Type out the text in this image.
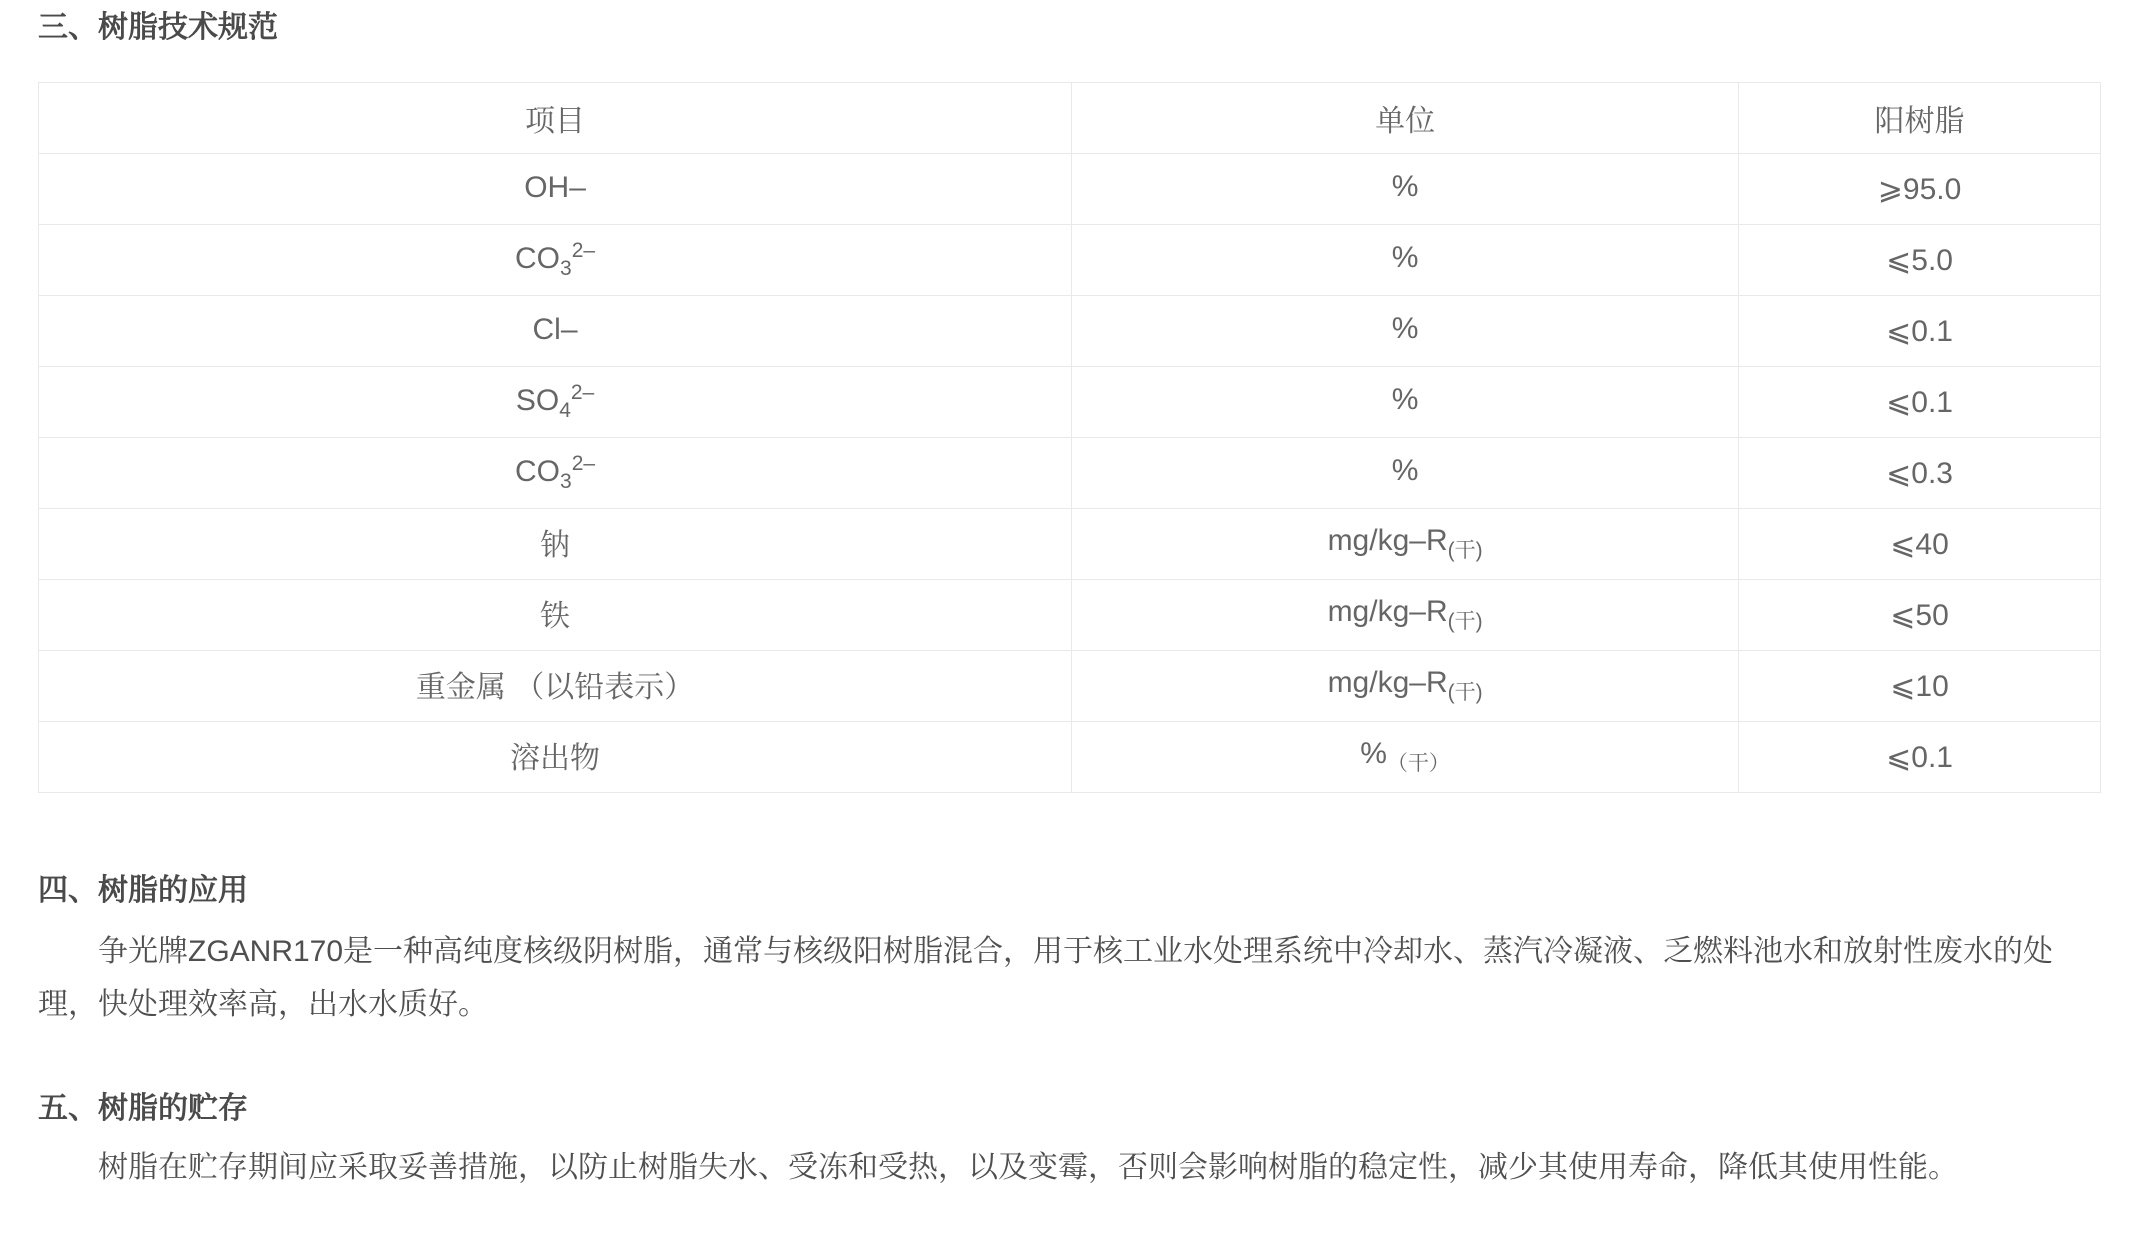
三、树脂技术规范
项目	单位	阳树脂
OH–	%	⩾95.0
$CO_3^{2-}$	%	⩽5.0
Cl–	%	⩽0.1
$SO_4^{2-}$	%	⩽0.1
$CO_3^{2-}$	%	⩽0.3
钠	$mg/kg-R_{(干)}$	⩽40
铁	$mg/kg-R_{(干)}$	⩽50
重金属 （以铅表示）	$mg/kg-R_{(干)}$	⩽10
溶出物	$\%_{(干)}$	⩽0.1
四、树脂的应用

争光牌ZGANR170是一种高纯度核级阴树脂，通常与核级阳树脂混合，用于核工业水处理系统中冷却水、蒸汽冷凝液、乏燃料池水和放射性废水的处理，快处理效率高，出水水质好。

五、树脂的贮存

树脂在贮存期间应采取妥善措施，以防止树脂失水、受冻和受热，以及变霉，否则会影响树脂的稳定性，减少其使用寿命，降低其使用性能。
